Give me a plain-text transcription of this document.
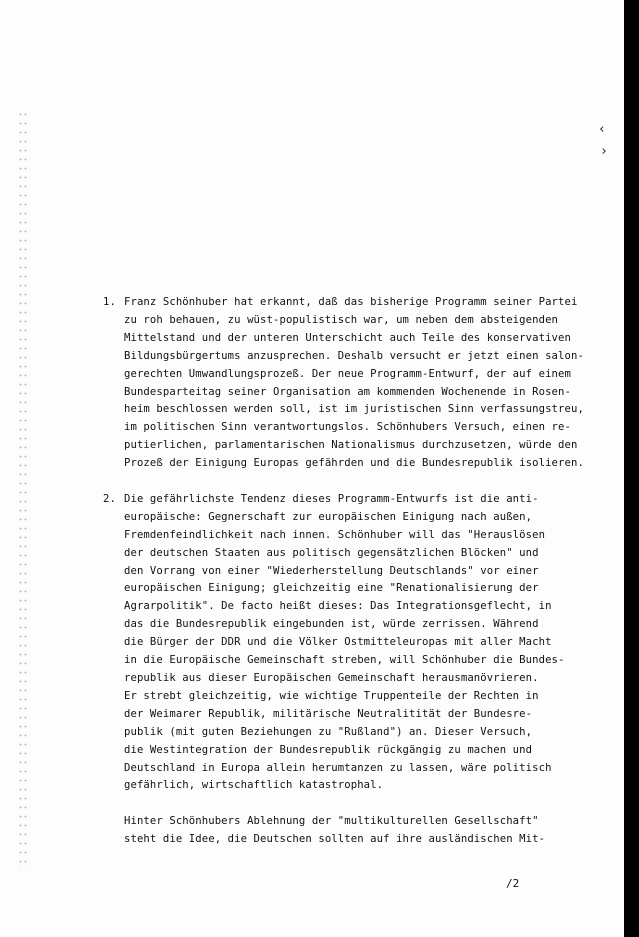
‹
›
1. Franz Schönhuber hat erkannt, daß das bisherige Programm seiner Partei
zu roh behauen, zu wüst-populistisch war, um neben dem absteigenden
Mittelstand und der unteren Unterschicht auch Teile des konservativen
Bildungsbürgertums anzusprechen. Deshalb versucht er jetzt einen salon-
gerechten Umwandlungsprozeß. Der neue Programm-Entwurf, der auf einem
Bundesparteitag seiner Organisation am kommenden Wochenende in Rosen-
heim beschlossen werden soll, ist im juristischen Sinn verfassungstreu,
im politischen Sinn verantwortungslos. Schönhubers Versuch, einen re-
putierlichen, parlamentarischen Nationalismus durchzusetzen, würde den
Prozeß der Einigung Europas gefährden und die Bundesrepublik isolieren.
2. Die gefährlichste Tendenz dieses Programm-Entwurfs ist die anti-
europäische: Gegnerschaft zur europäischen Einigung nach außen,
Fremdenfeindlichkeit nach innen. Schönhuber will das "Herauslösen
der deutschen Staaten aus politisch gegensätzlichen Blöcken" und
den Vorrang von einer "Wiederherstellung Deutschlands" vor einer
europäischen Einigung; gleichzeitig eine "Renationalisierung der
Agrarpolitik". De facto heißt dieses: Das Integrationsgeflecht, in
das die Bundesrepublik eingebunden ist, würde zerrissen. Während
die Bürger der DDR und die Völker Ostmitteleuropas mit aller Macht
in die Europäische Gemeinschaft streben, will Schönhuber die Bundes-
republik aus dieser Europäischen Gemeinschaft herausmanövrieren.
Er strebt gleichzeitig, wie wichtige Truppenteile der Rechten in
der Weimarer Republik, militärische Neutralitität der Bundesre-
publik (mit guten Beziehungen zu "Rußland") an. Dieser Versuch,
die Westintegration der Bundesrepublik rückgängig zu machen und
Deutschland in Europa allein herumtanzen zu lassen, wäre politisch
gefährlich, wirtschaftlich katastrophal.
Hinter Schönhubers Ablehnung der "multikulturellen Gesellschaft"
steht die Idee, die Deutschen sollten auf ihre ausländischen Mit-
/2
